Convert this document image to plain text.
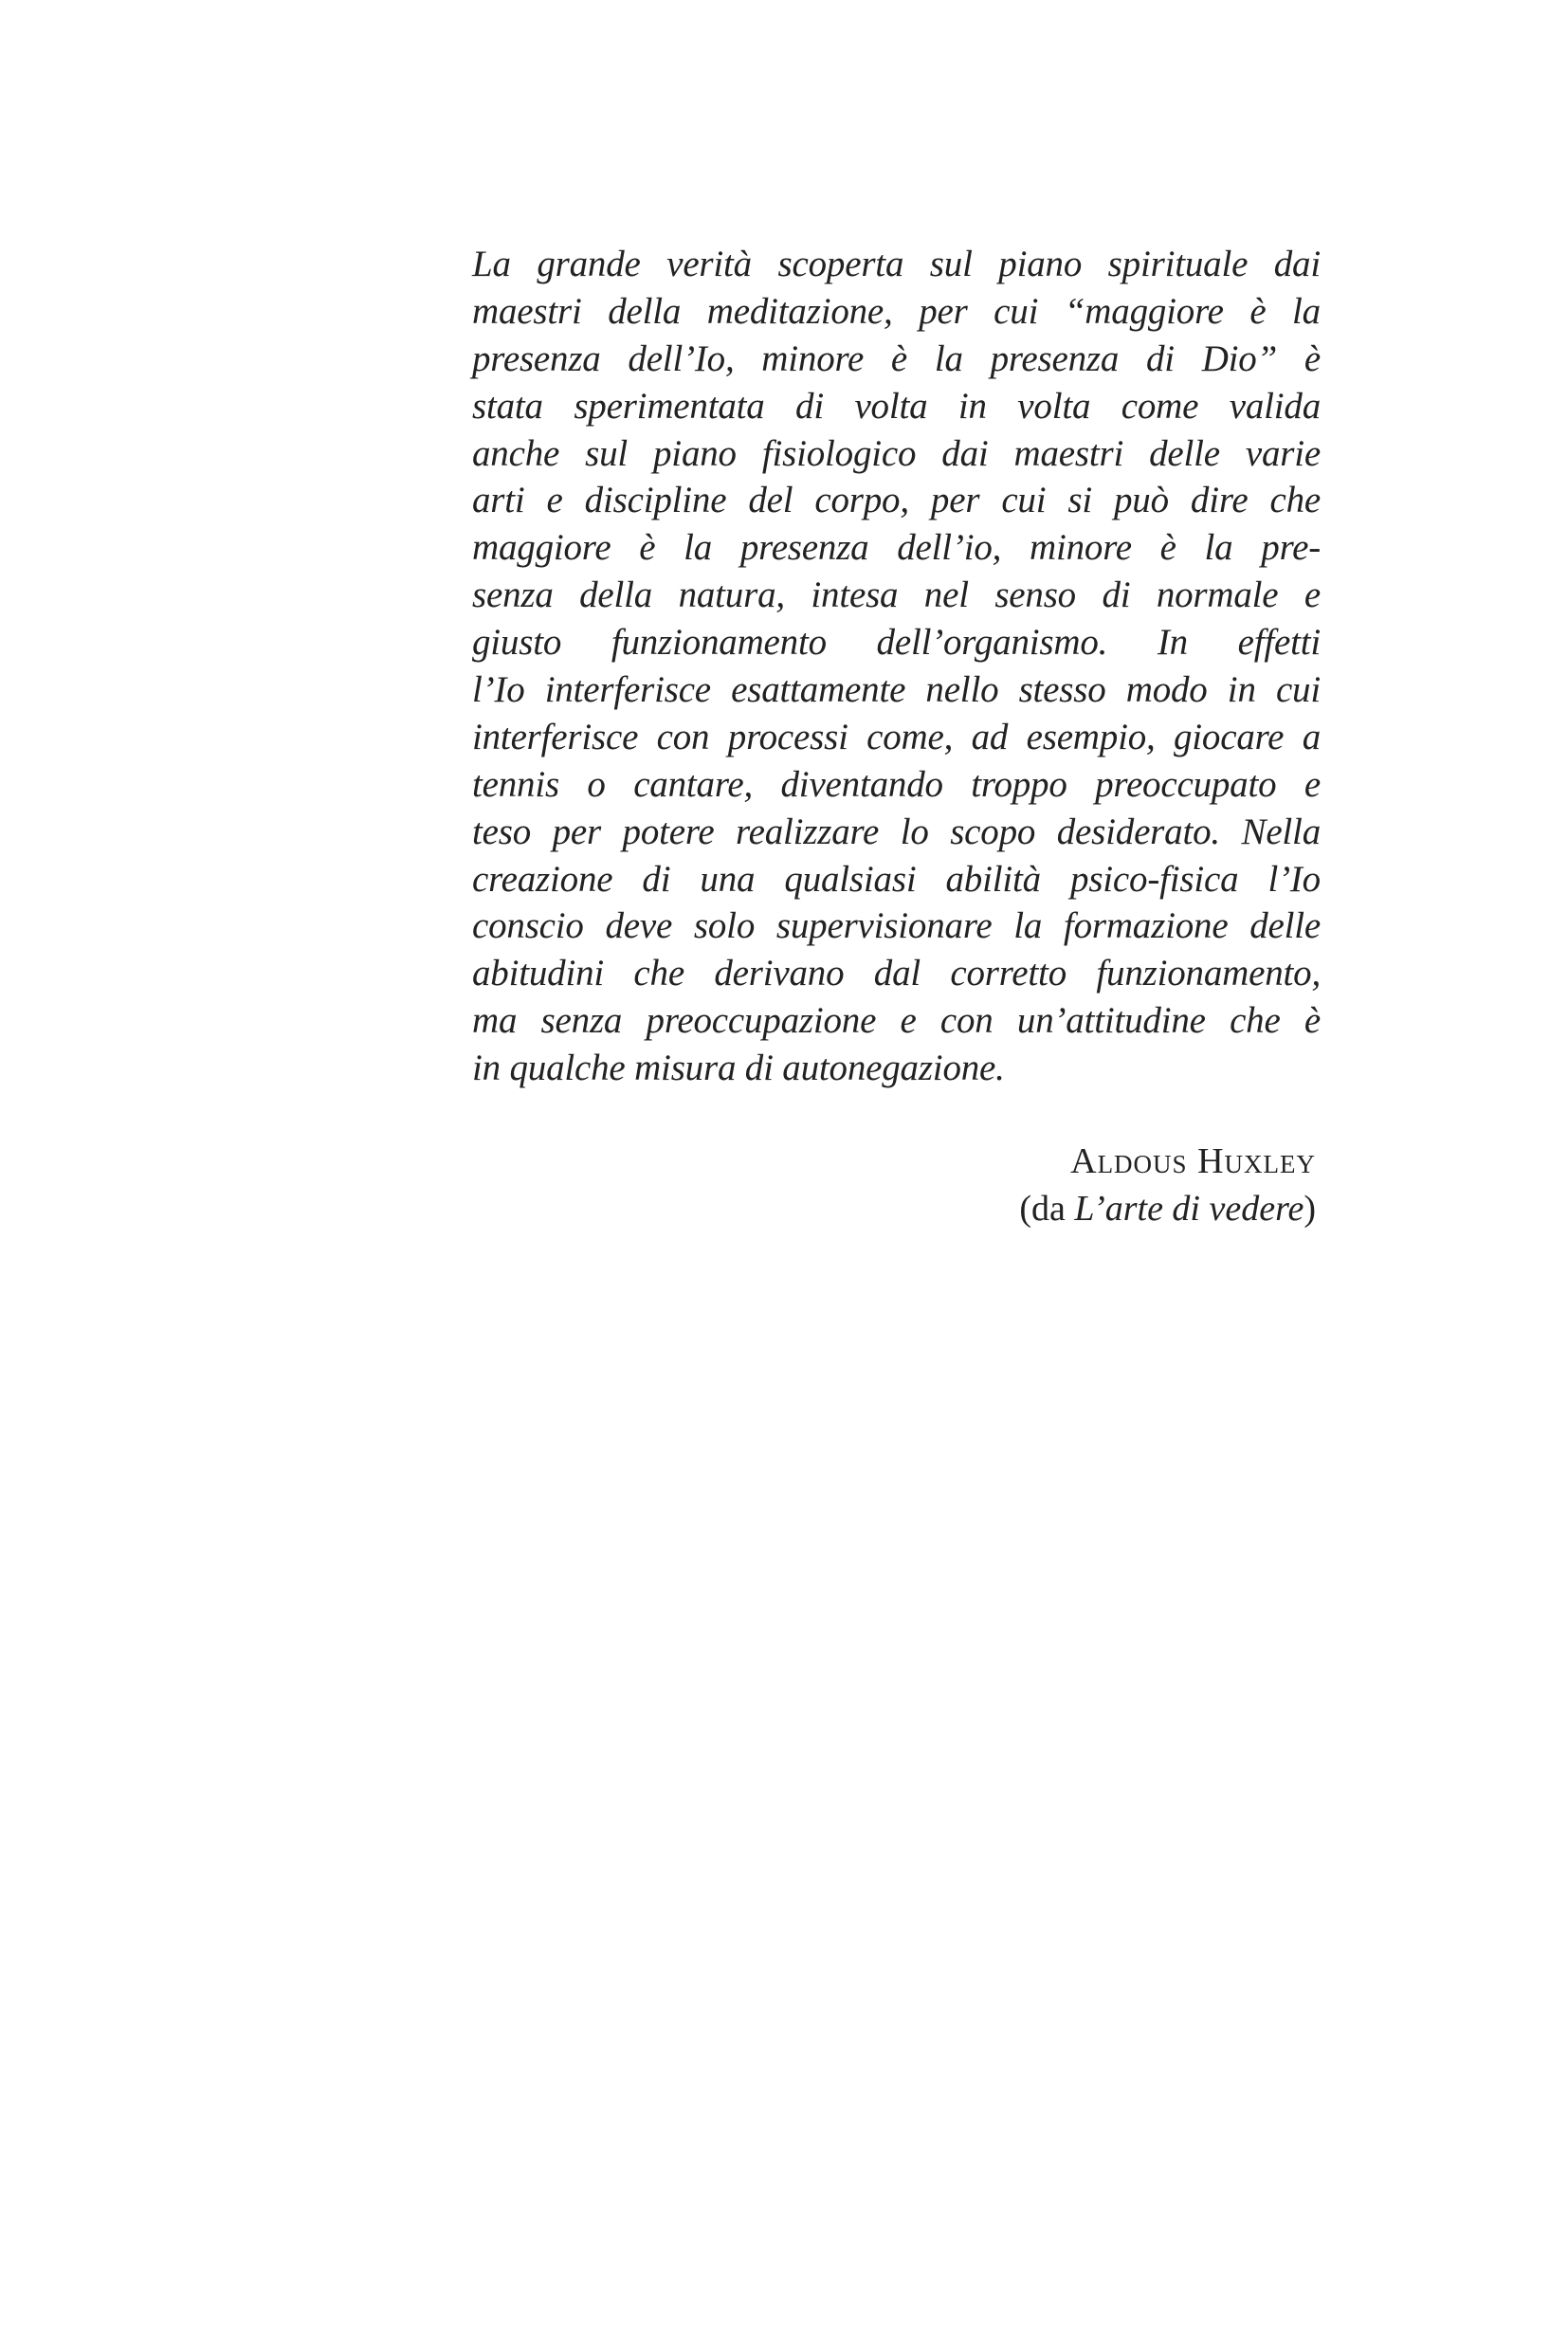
La grande verità scoperta sul piano spirituale dai
maestri della meditazione, per cui “maggiore è la
presenza dell’Io, minore è la presenza di Dio” è
stata sperimentata di volta in volta come valida
anche sul piano fisiologico dai maestri delle varie
arti e discipline del corpo, per cui si può dire che
maggiore è la presenza dell’io, minore è la pre-
senza della natura, intesa nel senso di normale e
giusto funzionamento dell’organismo. In effetti
l’Io interferisce esattamente nello stesso modo in cui
interferisce con processi come, ad esempio, giocare a
tennis o cantare, diventando troppo preoccupato e
teso per potere realizzare lo scopo desiderato. Nella
creazione di una qualsiasi abilità psico-fisica l’Io
conscio deve solo supervisionare la formazione delle
abitudini che derivano dal corretto funzionamento,
ma senza preoccupazione e con un’attitudine che è
in qualche misura di autonegazione.
Aldous Huxley
(da L’arte di vedere)
